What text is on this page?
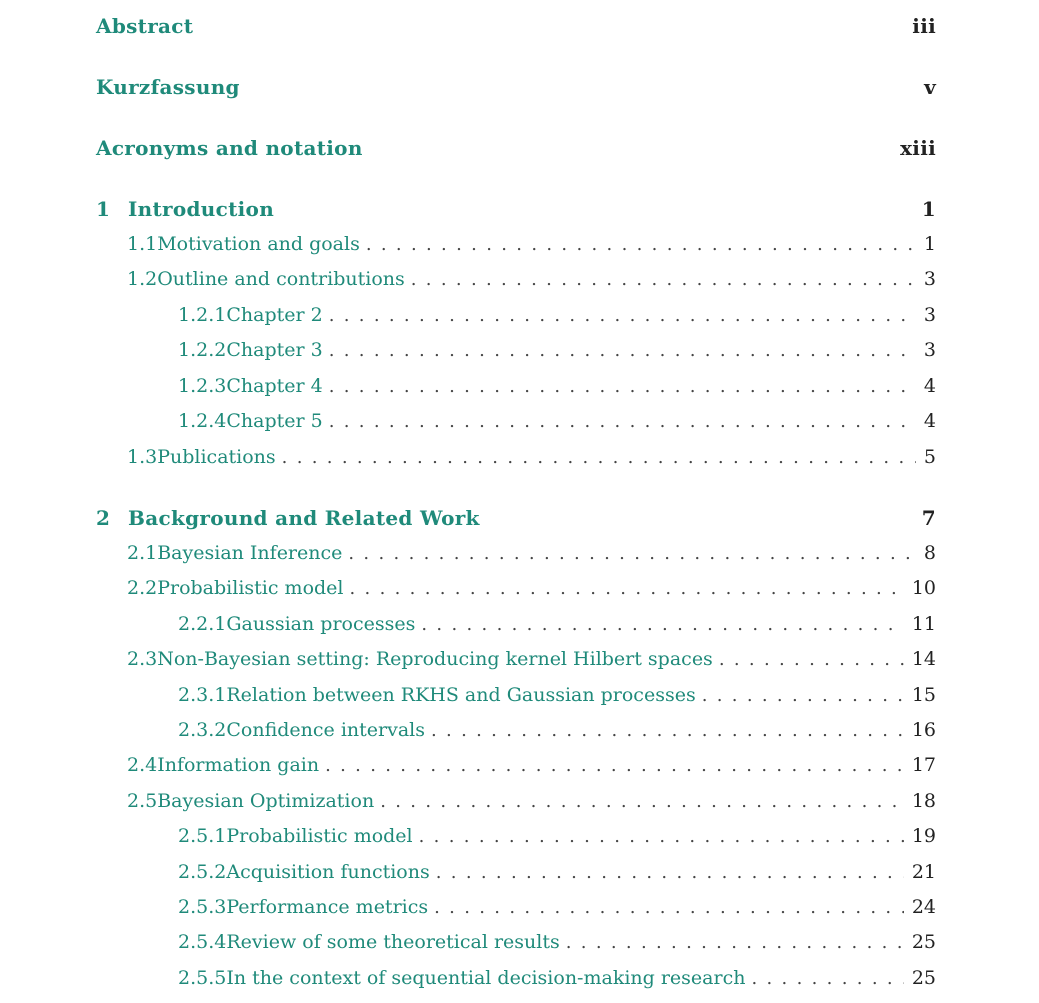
Abstract	iii
Kurzfassung	v
Acronyms and notation	xiii
1 Introduction	1
1.1 Motivation and goals . . .	1
1.2 Outline and contributions . . .	3
1.2.1 Chapter 2 . . .	3
1.2.2 Chapter 3 . . .	3
1.2.3 Chapter 4 . . .	4
1.2.4 Chapter 5 . . .	4
1.3 Publications . . .	5
2 Background and Related Work	7
2.1 Bayesian Inference . . .	8
2.2 Probabilistic model . . .	10
2.2.1 Gaussian processes . . .	11
2.3 Non-Bayesian setting: Reproducing kernel Hilbert spaces . . .	14
2.3.1 Relation between RKHS and Gaussian processes . . .	15
2.3.2 Confidence intervals . . .	16
2.4 Information gain . . .	17
2.5 Bayesian Optimization . . .	18
2.5.1 Probabilistic model . . .	19
2.5.2 Acquisition functions . . .	21
2.5.3 Performance metrics . . .	24
2.5.4 Review of some theoretical results . . .	25
2.5.5 In the context of sequential decision-making research . . .	25
